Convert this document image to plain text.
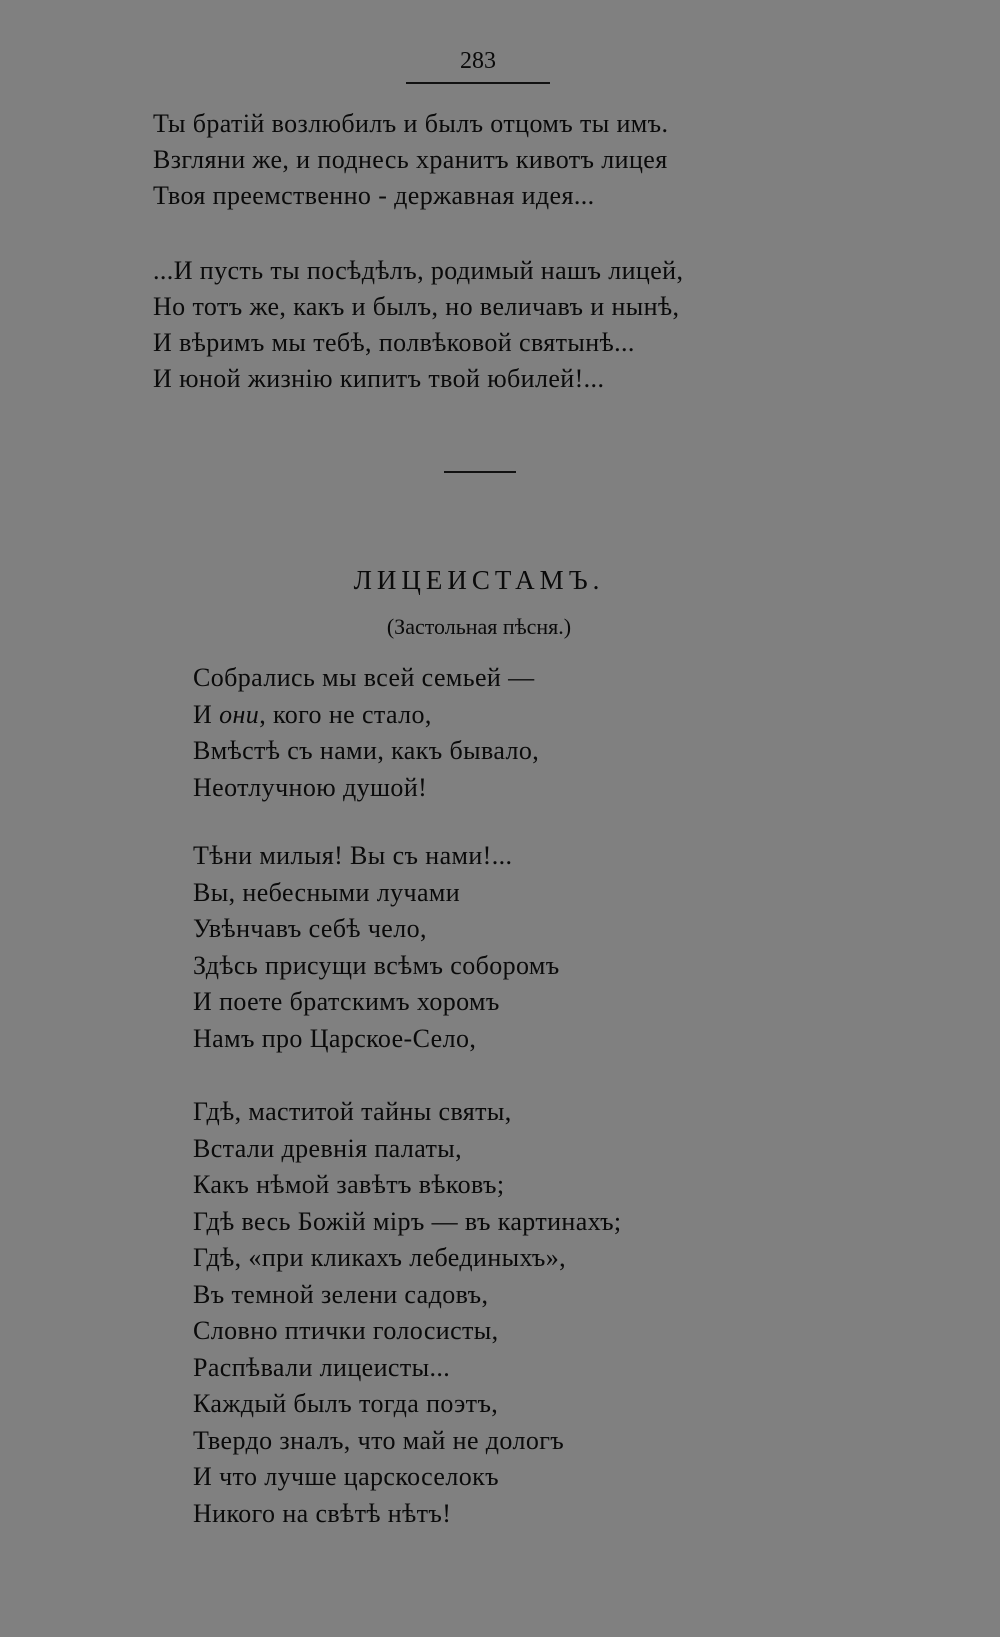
283
Ты братій возлюбилъ и былъ отцомъ ты имъ.
Взгляни же, и поднесь хранитъ кивотъ лицея
Твоя преемственно - державная идея...
...И пусть ты посѣдѣлъ, родимый нашъ лицей,
Но тотъ же, какъ и былъ, но величавъ и нынѣ,
И вѣримъ мы тебѣ, полвѣковой святынѣ...
И юной жизнію кипитъ твой юбилей!...
ЛИЦЕИСТАМЪ.
(Застольная пѣсня.)
Собрались мы всей семьей —
И они, кого не стало,
Вмѣстѣ съ нами, какъ бывало,
Неотлучною душой!
Тѣни милыя! Вы съ нами!...
Вы, небесными лучами
Увѣнчавъ себѣ чело,
Здѣсь присущи всѣмъ соборомъ
И поете братскимъ хоромъ
Намъ про Царское-Село,
Гдѣ, маститой тайны святы,
Встали древнія палаты,
Какъ нѣмой завѣтъ вѣковъ;
Гдѣ весь Божій міръ — въ картинахъ;
Гдѣ, «при кликахъ лебединыхъ»,
Въ темной зелени садовъ,
Словно птички голосисты,
Распѣвали лицеисты...
Каждый былъ тогда поэтъ,
Твердо зналъ, что май не дологъ
И что лучше царскоселокъ
Никого на свѣтѣ нѣтъ!
